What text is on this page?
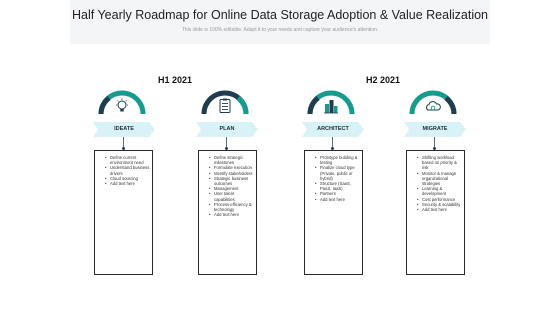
Half Yearly Roadmap for Online Data Storage Adoption & Value Realization
This slide is 100% editable. Adapt it to your needs and capture your audience's attention.
H1 2021	H2 2021
IDEATE
• Define current environment need
• Understand business drivers
• Cloud sourcing
• Add text here
PLAN
• Define strategic milestones
• Formulate execution
• Identify stakeholders
• Strategic business outcomes
• Management
• User talent capabilities
• Process efficiency & technology
• Add text here
ARCHITECT
• Prototype building & testing
• Finalize cloud type (Private, public or hybrid)
• Structure (SaaS, PaaS, IaaS)
• Partners
• Add text here
MIGRATE
• Shifting workload based on priority & risk
• Monitor & manage organizational strategies
• Learning & development
• Cost performance
• Security & scalability
• Add text here
